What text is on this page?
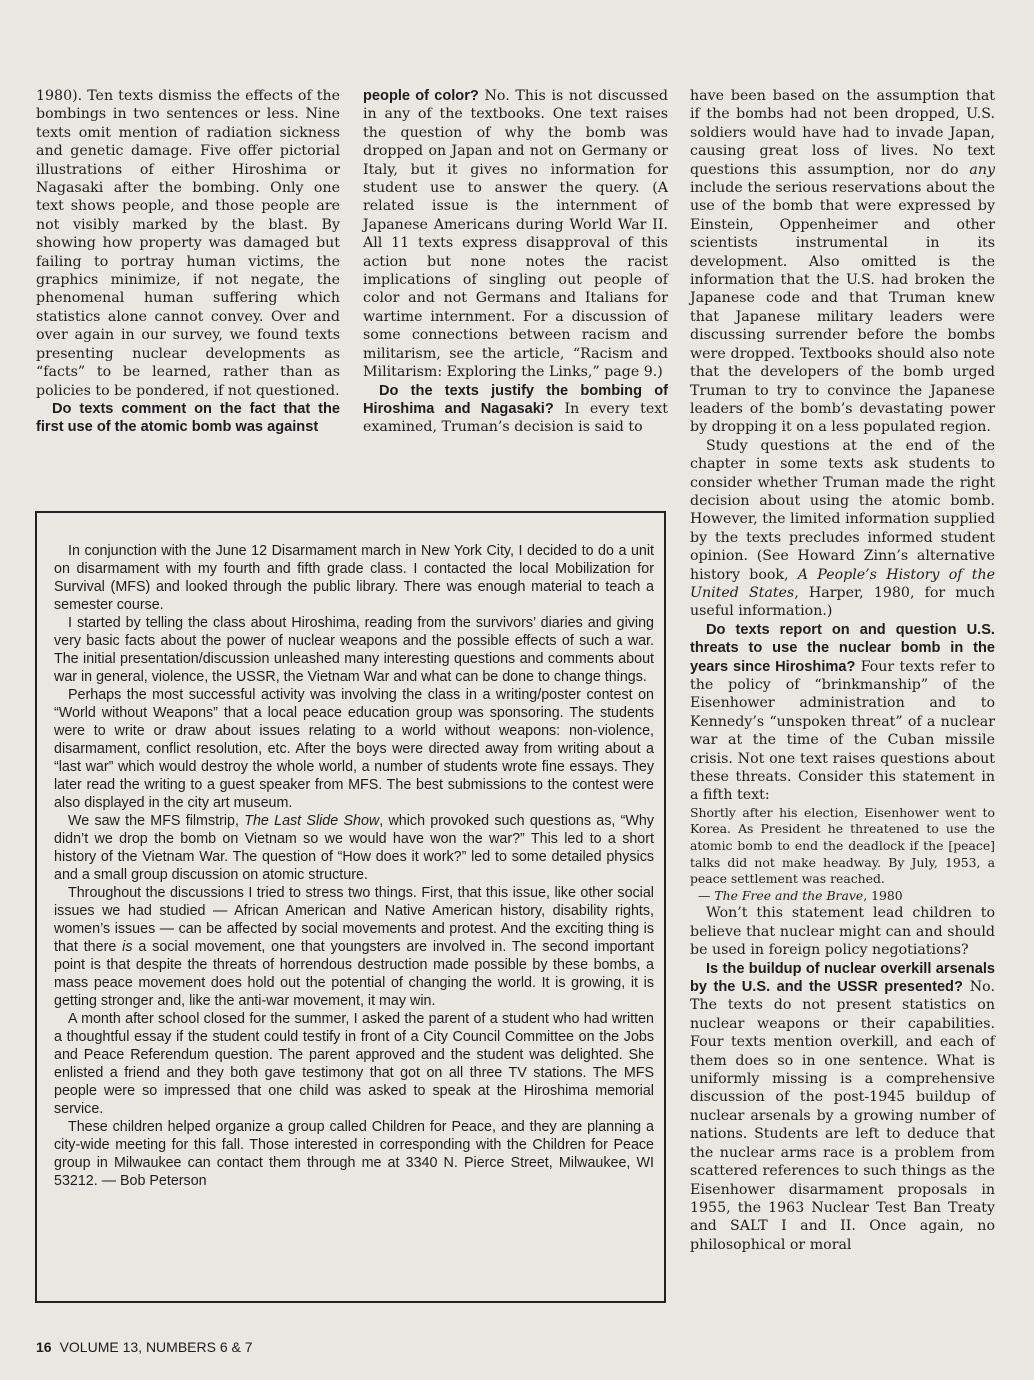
1980). Ten texts dismiss the effects of the bombings in two sentences or less. Nine texts omit mention of radiation sickness and genetic damage. Five offer pictorial illustrations of either Hiroshima or Nagasaki after the bombing. Only one text shows people, and those people are not visibly marked by the blast. By showing how property was damaged but failing to portray human victims, the graphics minimize, if not negate, the phenomenal human suffering which statistics alone cannot convey. Over and over again in our survey, we found texts presenting nuclear developments as “facts” to be learned, rather than as policies to be pondered, if not questioned.

Do texts comment on the fact that the first use of the atomic bomb was against

people of color? No. This is not discussed in any of the textbooks. One text raises the question of why the bomb was dropped on Japan and not on Germany or Italy, but it gives no information for student use to answer the query. (A related issue is the internment of Japanese Americans during World War II. All 11 texts express disapproval of this action but none notes the racist implications of singling out people of color and not Germans and Italians for wartime internment. For a discussion of some connections between racism and militarism, see the article, “Racism and Militarism: Exploring the Links,” page 9.)

Do the texts justify the bombing of Hiroshima and Nagasaki? In every text examined, Truman’s decision is said to

have been based on the assumption that if the bombs had not been dropped, U.S. soldiers would have had to invade Japan, causing great loss of lives. No text questions this assumption, nor do any include the serious reservations about the use of the bomb that were expressed by Einstein, Oppenheimer and other scientists instrumental in its development. Also omitted is the information that the U.S. had broken the Japanese code and that Truman knew that Japanese military leaders were discussing surrender before the bombs were dropped. Textbooks should also note that the developers of the bomb urged Truman to try to convince the Japanese leaders of the bomb’s devastating power by dropping it on a less populated region.

Study questions at the end of the chapter in some texts ask students to consider whether Truman made the right decision about using the atomic bomb. However, the limited information supplied by the texts precludes informed student opinion. (See Howard Zinn’s alternative history book, A People’s History of the United States, Harper, 1980, for much useful information.)

Do texts report on and question U.S. threats to use the nuclear bomb in the years since Hiroshima? Four texts refer to the policy of “brinkmanship” of the Eisenhower administration and to Kennedy’s “unspoken threat” of a nuclear war at the time of the Cuban missile crisis. Not one text raises questions about these threats. Consider this statement in a fifth text:

Shortly after his election, Eisenhower went to Korea. As President he threatened to use the atomic bomb to end the deadlock if the [peace] talks did not make headway. By July, 1953, a peace settlement was reached.
— The Free and the Brave, 1980

Won’t this statement lead children to believe that nuclear might can and should be used in foreign policy negotiations?

Is the buildup of nuclear overkill arsenals by the U.S. and the USSR presented? No. The texts do not present statistics on nuclear weapons or their capabilities. Four texts mention overkill, and each of them does so in one sentence. What is uniformly missing is a comprehensive discussion of the post-1945 buildup of nuclear arsenals by a growing number of nations. Students are left to deduce that the nuclear arms race is a problem from scattered references to such things as the Eisenhower disarmament proposals in 1955, the 1963 Nuclear Test Ban Treaty and SALT I and II. Once again, no philosophical or moral

In conjunction with the June 12 Disarmament march in New York City, I decided to do a unit on disarmament with my fourth and fifth grade class. I contacted the local Mobilization for Survival (MFS) and looked through the public library. There was enough material to teach a semester course.

I started by telling the class about Hiroshima, reading from the survivors’ diaries and giving very basic facts about the power of nuclear weapons and the possible effects of such a war. The initial presentation/discussion unleashed many interesting questions and comments about war in general, violence, the USSR, the Vietnam War and what can be done to change things.

Perhaps the most successful activity was involving the class in a writing/poster contest on “World without Weapons” that a local peace education group was sponsoring. The students were to write or draw about issues relating to a world without weapons: non-violence, disarmament, conflict resolution, etc. After the boys were directed away from writing about a “last war” which would destroy the whole world, a number of students wrote fine essays. They later read the writing to a guest speaker from MFS. The best submissions to the contest were also displayed in the city art museum.

We saw the MFS filmstrip, The Last Slide Show, which provoked such questions as, “Why didn’t we drop the bomb on Vietnam so we would have won the war?” This led to a short history of the Vietnam War. The question of “How does it work?” led to some detailed physics and a small group discussion on atomic structure.

Throughout the discussions I tried to stress two things. First, that this issue, like other social issues we had studied — African American and Native American history, disability rights, women’s issues — can be affected by social movements and protest. And the exciting thing is that there is a social movement, one that youngsters are involved in. The second important point is that despite the threats of horrendous destruction made possible by these bombs, a mass peace movement does hold out the potential of changing the world. It is growing, it is getting stronger and, like the anti-war movement, it may win.

A month after school closed for the summer, I asked the parent of a student who had written a thoughtful essay if the student could testify in front of a City Council Committee on the Jobs and Peace Referendum question. The parent approved and the student was delighted. She enlisted a friend and they both gave testimony that got on all three TV stations. The MFS people were so impressed that one child was asked to speak at the Hiroshima memorial service.

These children helped organize a group called Children for Peace, and they are planning a city-wide meeting for this fall. Those interested in corresponding with the Children for Peace group in Milwaukee can contact them through me at 3340 N. Pierce Street, Milwaukee, WI 53212. — Bob Peterson

16 VOLUME 13, NUMBERS 6 & 7
